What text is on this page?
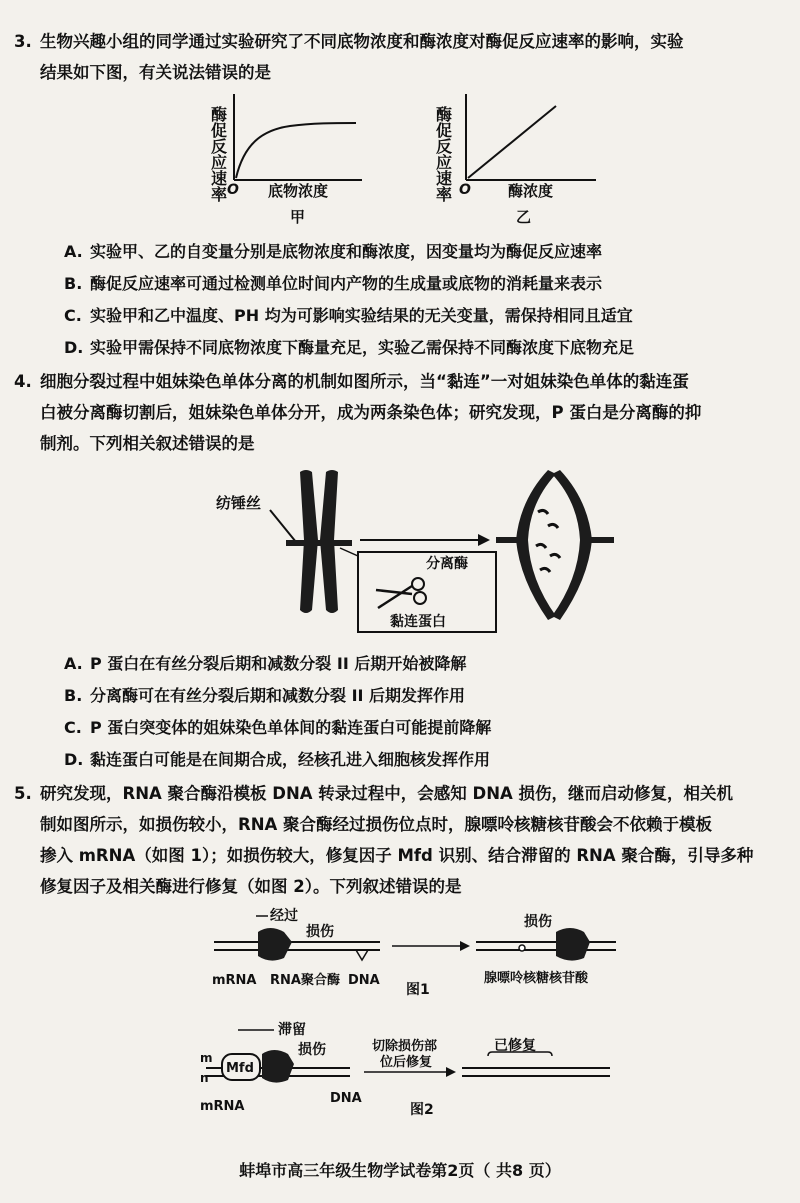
3. 生物兴趣小组的同学通过实验研究了不同底物浓度和酶浓度对酶促反应速率的影响，实验
结果如下图，有关说法错误的是
酶促反应速率 O 底物浓度
甲
酶促反应速率 O 酶浓度
乙
A. 实验甲、乙的自变量分别是底物浓度和酶浓度，因变量均为酶促反应速率
B. 酶促反应速率可通过检测单位时间内产物的生成量或底物的消耗量来表示
C. 实验甲和乙中温度、PH 均为可影响实验结果的无关变量，需保持相同且适宜
D. 实验甲需保持不同底物浓度下酶量充足，实验乙需保持不同酶浓度下底物充足
4. 细胞分裂过程中姐妹染色单体分离的机制如图所示，当“黏连”一对姐妹染色单体的黏连蛋
白被分离酶切割后，姐妹染色单体分开，成为两条染色体；研究发现，P 蛋白是分离酶的抑
制剂。下列相关叙述错误的是
纺锤丝
分离酶
黏连蛋白
A. P 蛋白在有丝分裂后期和减数分裂 II 后期开始被降解
B. 分离酶可在有丝分裂后期和减数分裂 II 后期发挥作用
C. P 蛋白突变体的姐妹染色单体间的黏连蛋白可能提前降解
D. 黏连蛋白可能是在间期合成，经核孔进入细胞核发挥作用
5. 研究发现，RNA 聚合酶沿模板 DNA 转录过程中，会感知 DNA 损伤，继而启动修复，相关机
制如图所示，如损伤较小，RNA 聚合酶经过损伤位点时，腺嘌呤核糖核苷酸会不依赖于模板
掺入 mRNA（如图 1）；如损伤较大，修复因子 Mfd 识别、结合滞留的 RNA 聚合酶，引导多种
修复因子及相关酶进行修复（如图 2）。下列叙述错误的是
经过
损伤
mRNA RNA聚合酶 DNA
损伤
腺嘌呤核糖核苷酸
图1
滞留
m
n
Mfd
损伤
mRNA
DNA
切除损伤部
位后修复
已修复
图2
蚌埠市高三年级生物学试卷第2页（ 共8 页）
